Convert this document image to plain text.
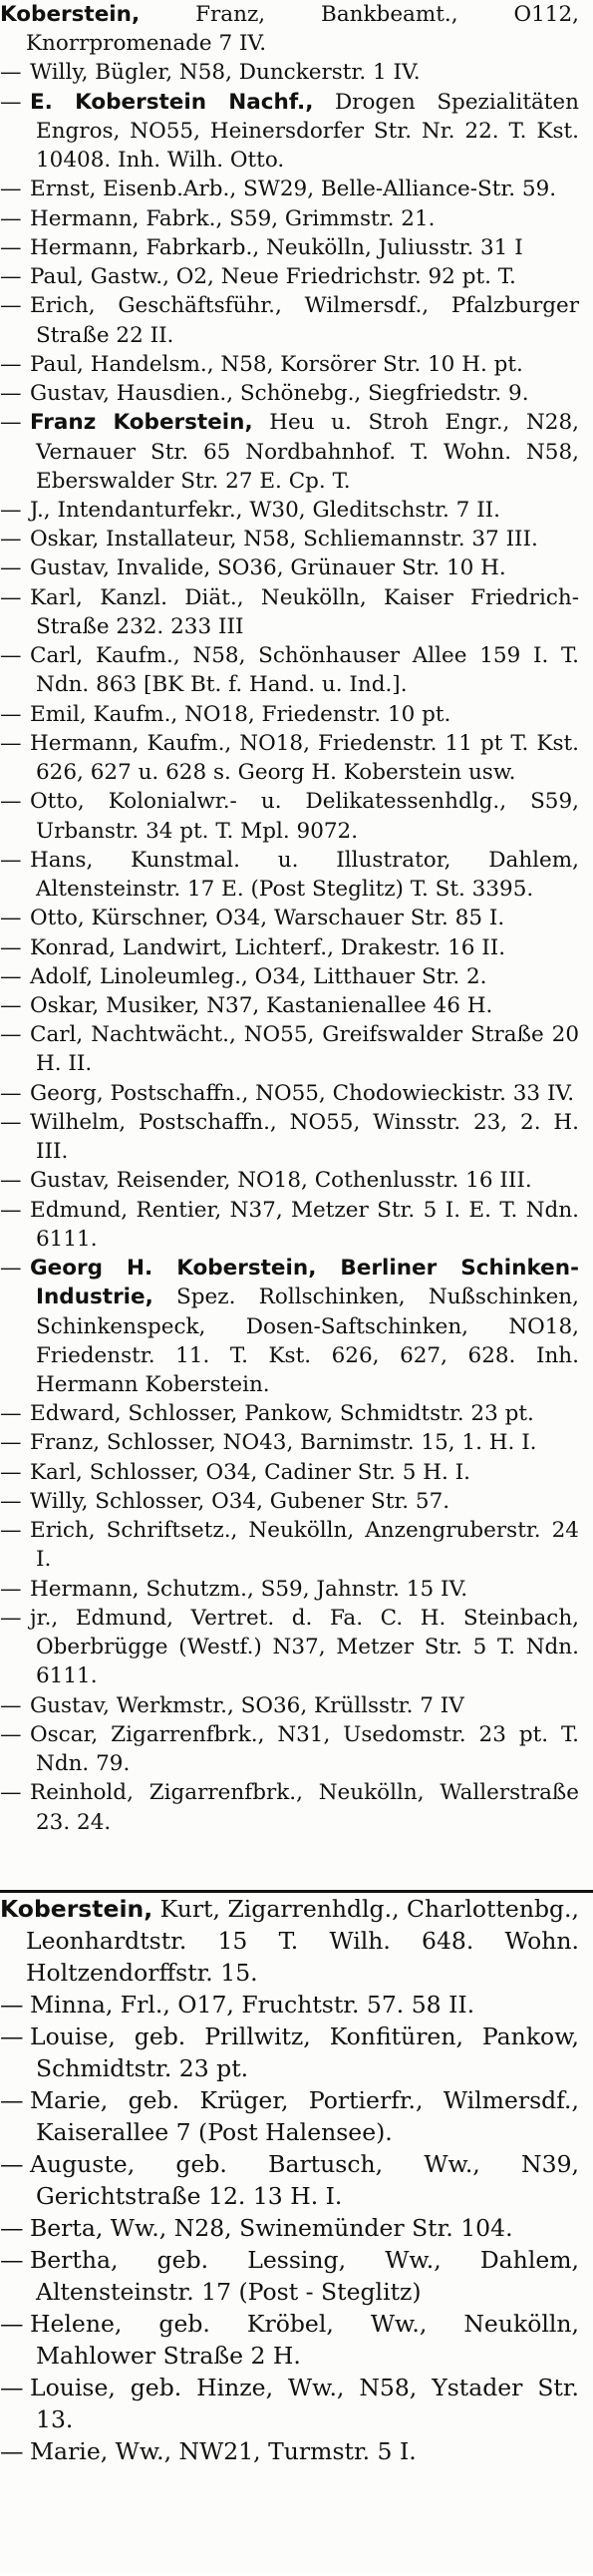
Koberstein, Franz, Bankbeamt., O112, Knorrpromenade 7 IV.

— Willy, Bügler, N58, Dunckerstr. 1 IV.

— E. Koberstein Nachf., Drogen Spezialitäten Engros, NO55, Heinersdorfer Str. Nr. 22. T. Kst. 10408. Inh. Wilh. Otto.

— Ernst, Eisenb.Arb., SW29, Belle-Alliance-Str. 59.

— Hermann, Fabrk., S59, Grimmstr. 21.

— Hermann, Fabrkarb., Neukölln, Juliusstr. 31 I

— Paul, Gastw., O2, Neue Friedrichstr. 92 pt. T.

— Erich, Geschäftsführ., Wilmersdf., Pfalzburger Straße 22 II.

— Paul, Handelsm., N58, Korsörer Str. 10 H. pt.

— Gustav, Hausdien., Schönebg., Siegfriedstr. 9.

— Franz Koberstein, Heu u. Stroh Engr., N28, Vernauer Str. 65 Nordbahnhof. T. Wohn. N58, Eberswalder Str. 27 E. Cp. T.

— J., Intendanturfekr., W30, Gleditschstr. 7 II.

— Oskar, Installateur, N58, Schliemannstr. 37 III.

— Gustav, Invalide, SO36, Grünauer Str. 10 H.

— Karl, Kanzl. Diät., Neukölln, Kaiser Friedrich-Straße 232. 233 III

— Carl, Kaufm., N58, Schönhauser Allee 159 I. T. Ndn. 863 [BK Bt. f. Hand. u. Ind.].

— Emil, Kaufm., NO18, Friedenstr. 10 pt.

— Hermann, Kaufm., NO18, Friedenstr. 11 pt T. Kst. 626, 627 u. 628 s. Georg H. Koberstein usw.

— Otto, Kolonialwr.- u. Delikatessenhdlg., S59, Urbanstr. 34 pt. T. Mpl. 9072.

— Hans, Kunstmal. u. Illustrator, Dahlem, Altensteinstr. 17 E. (Post Steglitz) T. St. 3395.

— Otto, Kürschner, O34, Warschauer Str. 85 I.

— Konrad, Landwirt, Lichterf., Drakestr. 16 II.

— Adolf, Linoleumleg., O34, Litthauer Str. 2.

— Oskar, Musiker, N37, Kastanienallee 46 H.

— Carl, Nachtwächt., NO55, Greifswalder Straße 20 H. II.

— Georg, Postschaffn., NO55, Chodowieckistr. 33 IV.

— Wilhelm, Postschaffn., NO55, Winsstr. 23, 2. H. III.

— Gustav, Reisender, NO18, Cothenlusstr. 16 III.

— Edmund, Rentier, N37, Metzer Str. 5 I. E. T. Ndn. 6111.

— Georg H. Koberstein, Berliner Schinken-Industrie, Spez. Rollschinken, Nußschinken, Schinkenspeck, Dosen-Saftschinken, NO18, Friedenstr. 11. T. Kst. 626, 627, 628. Inh. Hermann Koberstein.

— Edward, Schlosser, Pankow, Schmidtstr. 23 pt.

— Franz, Schlosser, NO43, Barnimstr. 15, 1. H. I.

— Karl, Schlosser, O34, Cadiner Str. 5 H. I.

— Willy, Schlosser, O34, Gubener Str. 57.

— Erich, Schriftsetz., Neukölln, Anzengruberstr. 24 I.

— Hermann, Schutzm., S59, Jahnstr. 15 IV.

— jr., Edmund, Vertret. d. Fa. C. H. Steinbach, Oberbrügge (Westf.) N37, Metzer Str. 5 T. Ndn. 6111.

— Gustav, Werkmstr., SO36, Krüllsstr. 7 IV

— Oscar, Zigarrenfbrk., N31, Usedomstr. 23 pt. T. Ndn. 79.

— Reinhold, Zigarrenfbrk., Neukölln, Wallerstraße 23. 24.

Koberstein, Kurt, Zigarrenhdlg., Charlottenbg., Leonhardtstr. 15 T. Wilh. 648. Wohn. Holtzendorffstr. 15.

— Minna, Frl., O17, Fruchtstr. 57. 58 II.

— Louise, geb. Prillwitz, Konfitüren, Pankow, Schmidtstr. 23 pt.

— Marie, geb. Krüger, Portierfr., Wilmersdf., Kaiserallee 7 (Post Halensee).

— Auguste, geb. Bartusch, Ww., N39, Gerichtstraße 12. 13 H. I.

— Berta, Ww., N28, Swinemünder Str. 104.

— Bertha, geb. Lessing, Ww., Dahlem, Altensteinstr. 17 (Post - Steglitz)

— Helene, geb. Kröbel, Ww., Neukölln, Mahlower Straße 2 H.

— Louise, geb. Hinze, Ww., N58, Ystader Str. 13.

— Marie, Ww., NW21, Turmstr. 5 I.
